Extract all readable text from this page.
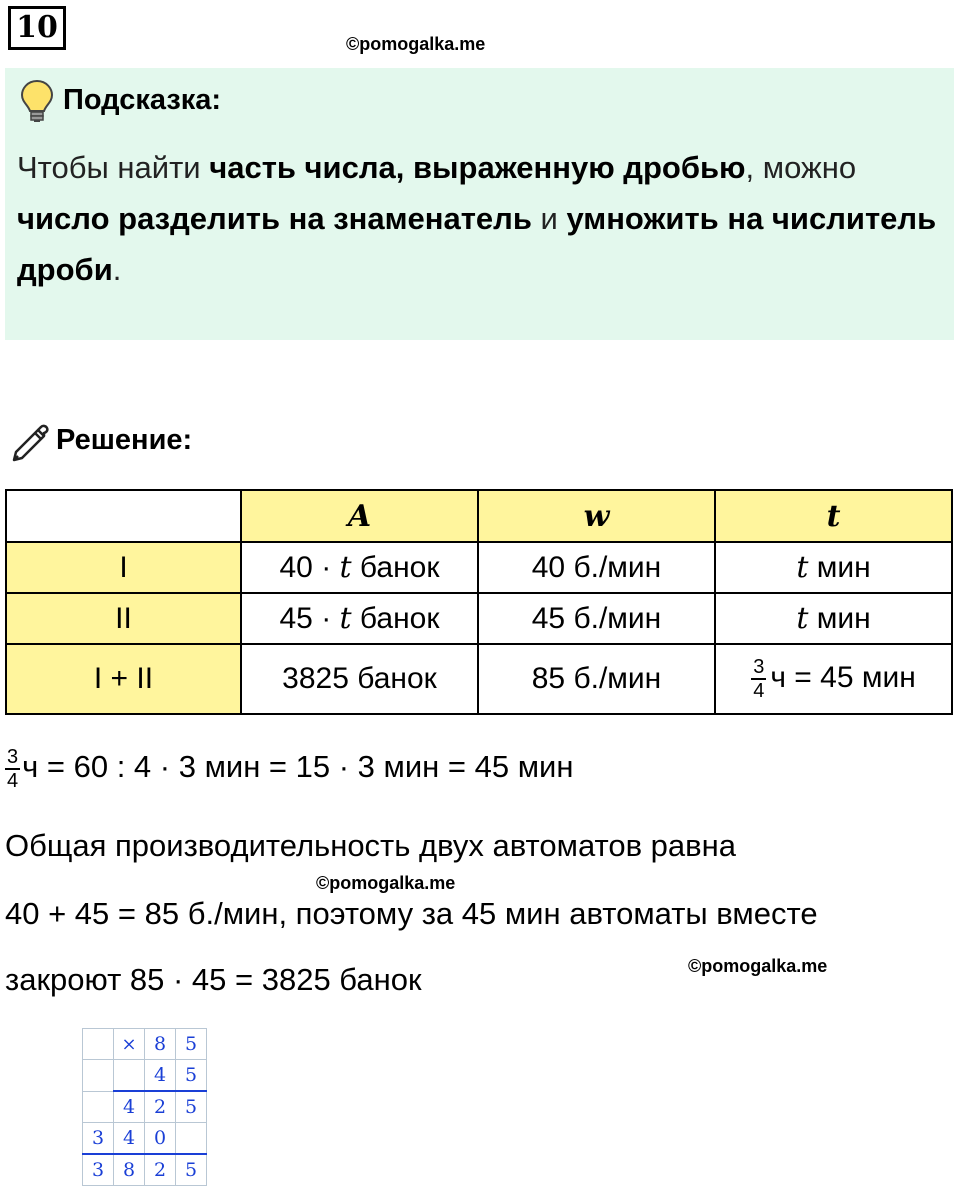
10	©pomogalka.me
Подсказка:
Чтобы найти часть числа, выраженную дробью, можно число разделить на знаменатель и умножить на числитель дроби.
Решение:
	A	w	t
I	40 · t банок	40 б./мин	t мин
II	45 · t банок	45 б./мин	t мин
I + II	3825 банок	85 б./мин	$\frac{3}{4}$ ч = 45 мин
$\frac{3}{4}$ ч = 60 : 4 · 3 мин = 15 · 3 мин = 45 мин
Общая производительность двух автоматов равна
©pomogalka.me
40 + 45 = 85 б./мин, поэтому за 45 мин автоматы вместе
©pomogalka.me
закроют 85 · 45 = 3825 банок
	×	8	5
		4	5
	4	2	5
3	4	0	
3	8	2	5
